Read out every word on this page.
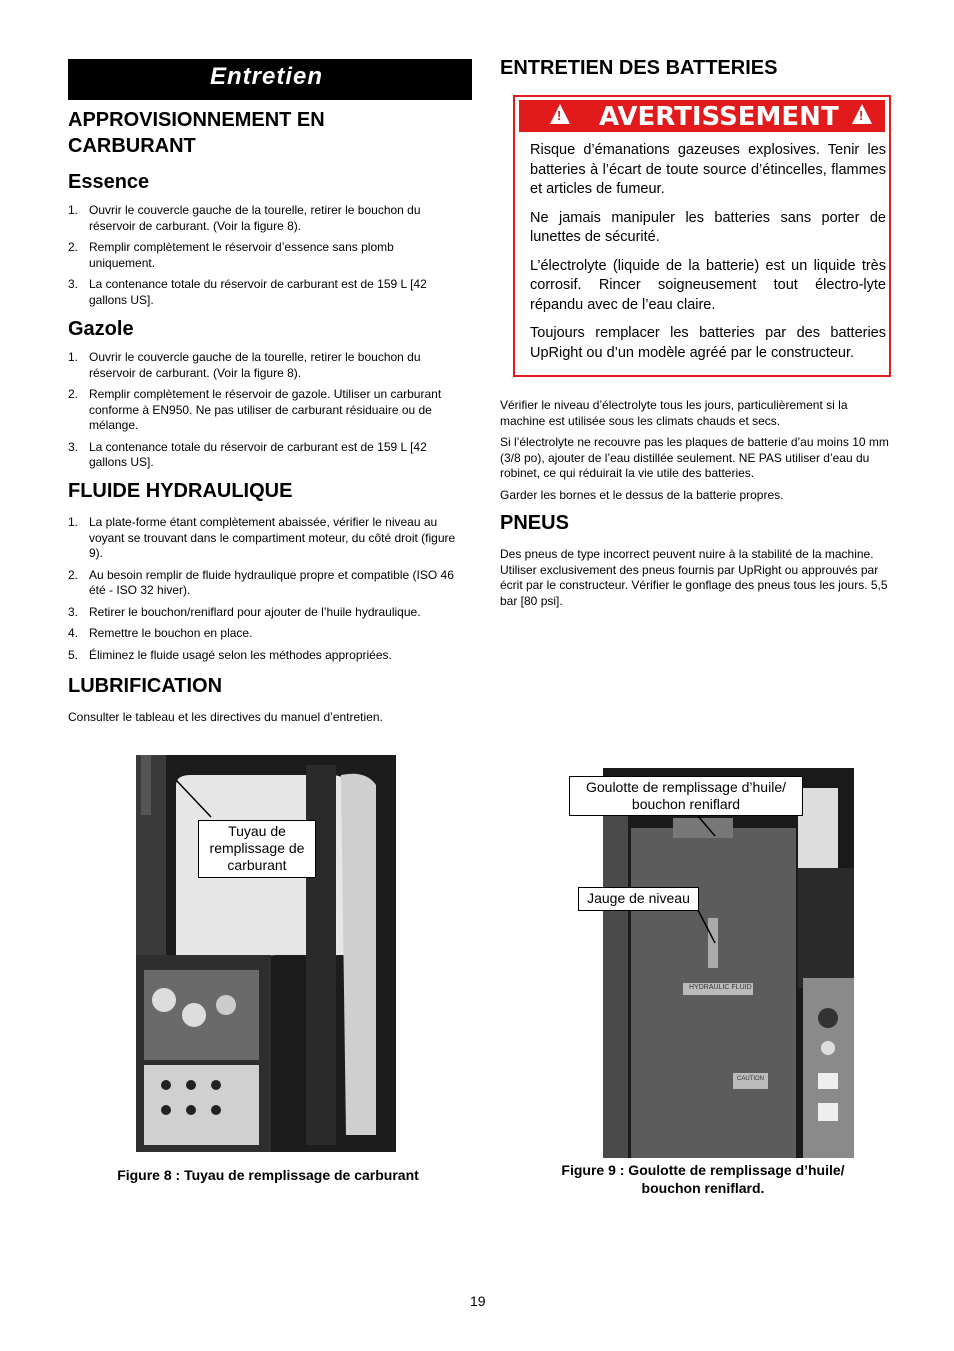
Entretien
APPROVISIONNEMENT EN CARBURANT
Essence
1. Ouvrir le couvercle gauche de la tourelle, retirer le bouchon du réservoir de carburant. (Voir la figure 8).
2. Remplir complètement le réservoir d’essence sans plomb uniquement.
3. La contenance totale du réservoir de carburant est de 159 L [42 gallons US].
Gazole
1. Ouvrir le couvercle gauche de la tourelle, retirer le bouchon du réservoir de carburant. (Voir la figure 8).
2. Remplir complètement le réservoir de gazole. Utiliser un carburant conforme à EN950. Ne pas utiliser de carburant résiduaire ou de mélange.
3. La contenance totale du réservoir de carburant est de 159 L [42 gallons US].
FLUIDE HYDRAULIQUE
1. La plate-forme étant complètement abaissée, vérifier le niveau au voyant se trouvant dans le compartiment moteur, du côté droit (figure 9).
2. Au besoin remplir de fluide hydraulique propre et compatible (ISO 46 été - ISO 32 hiver).
3. Retirer le bouchon/reniflard pour ajouter de l’huile hydraulique.
4. Remettre le bouchon en place.
5. Éliminez le fluide usagé selon les méthodes appropriées.
LUBRIFICATION
Consulter le tableau et les directives du manuel d’entretien.
ENTRETIEN DES BATTERIES
! AVERTISSEMENT !

Risque d’émanations gazeuses explosives. Tenir les batteries à l’écart de toute source d’étincelles, flammes et articles de fumeur.

Ne jamais manipuler les batteries sans porter de lunettes de sécurité.

L’électrolyte (liquide de la batterie) est un liquide très corrosif. Rincer soigneusement tout électro-lyte répandu avec de l’eau claire.

Toujours remplacer les batteries par des batteries UpRight ou d’un modèle agréé par le constructeur.

Vérifier le niveau d’électrolyte tous les jours, particulièrement si la machine est utilisée sous les climats chauds et secs.
Si l’électrolyte ne recouvre pas les plaques de batterie d’au moins 10 mm (3/8 po), ajouter de l’eau distillée seulement. NE PAS utiliser d’eau du robinet, ce qui réduirait la vie utile des batteries.
Garder les bornes et le dessus de la batterie propres.
PNEUS
Des pneus de type incorrect peuvent nuire à la stabilité de la machine. Utiliser exclusivement des pneus fournis par UpRight ou approuvés par écrit par le constructeur. Vérifier le gonflage des pneus tous les jours. 5,5 bar [80 psi].
Tuyau de remplissage de carburant
Figure 8 : Tuyau de remplissage de carburant
HYDRAULIC FLUID
CAUTION
Goulotte de remplissage d’huile/ bouchon reniflard
Jauge de niveau
Figure 9 : Goulotte de remplissage d’huile/ bouchon reniflard.
19
